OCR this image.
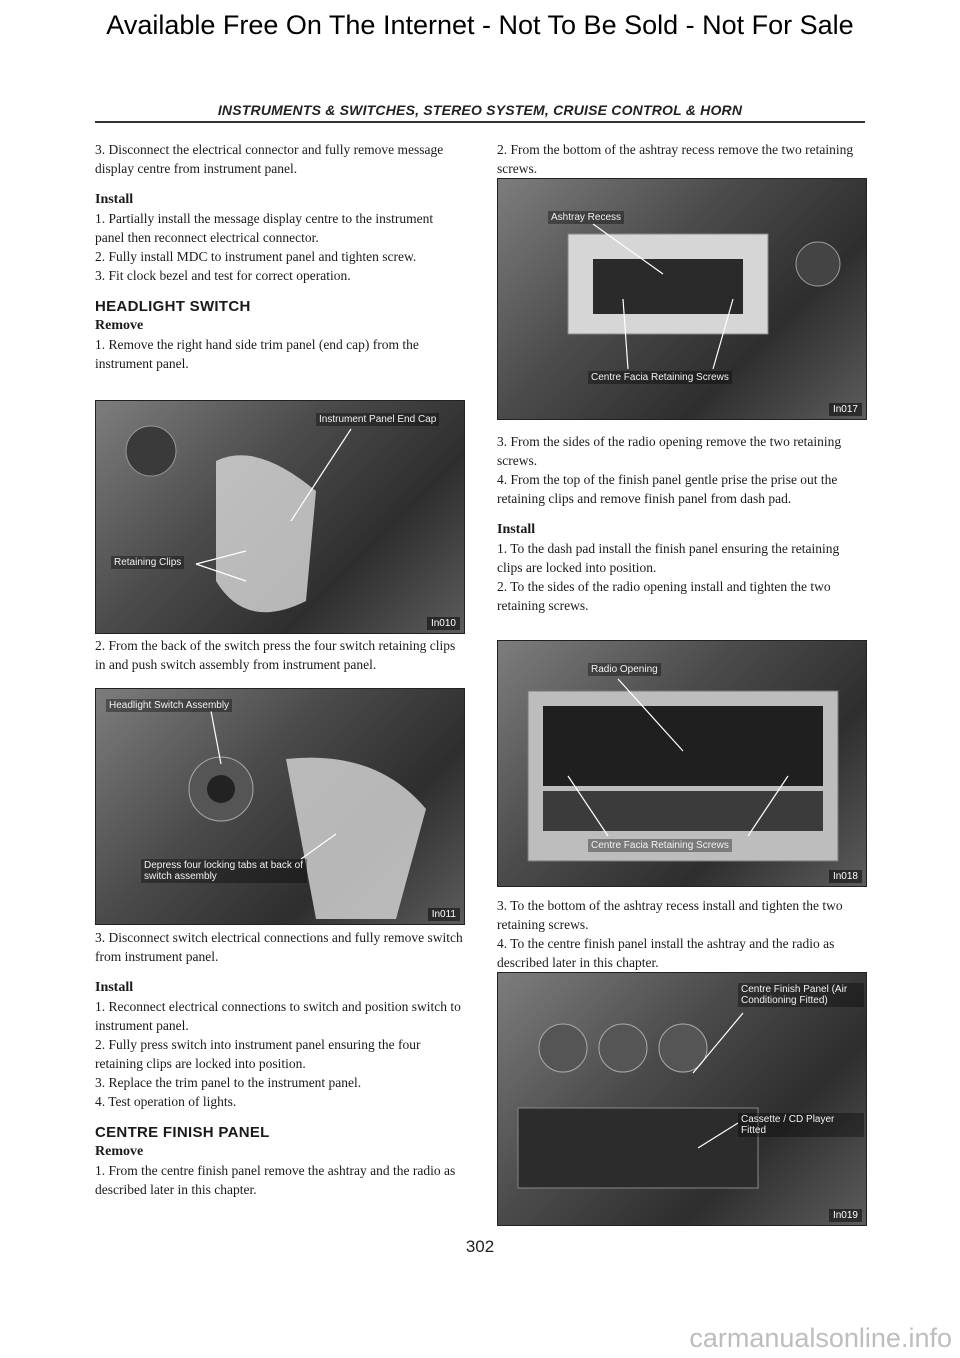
Available Free On The Internet - Not To Be Sold - Not For Sale
INSTRUMENTS & SWITCHES, STEREO SYSTEM, CRUISE CONTROL & HORN

3. Disconnect the electrical connector and fully remove message display centre from instrument panel.

Install

1. Partially install the message display centre to the instrument panel then reconnect electrical connector.

2. Fully install MDC to instrument panel and tighten screw.

3. Fit clock bezel and test for correct operation.

HEADLIGHT SWITCH
Remove

1. Remove the right hand side trim panel (end cap) from the instrument panel.

Instrument Panel End Cap
Retaining Clips
In010

2. From the back of the switch press the four switch retaining clips in and push switch assembly from instrument panel.

Headlight Switch Assembly
Depress four locking tabs at back of switch assembly
In011

3. Disconnect switch electrical connections and fully remove switch from instrument panel.

Install

1. Reconnect electrical connections to switch and position switch to instrument panel.

2. Fully press switch into instrument panel ensuring the four retaining clips are locked into position.

3. Replace the trim panel to the instrument panel.

4. Test operation of lights.

CENTRE FINISH PANEL
Remove

1. From the centre finish panel remove the ashtray and the radio as described later in this chapter.

2. From the bottom of the ashtray recess remove the two retaining screws.

Ashtray Recess
Centre Facia Retaining Screws
In017

3. From the sides of the radio opening remove the two retaining screws.

4. From the top of the finish panel gentle prise the prise out the retaining clips and remove finish panel from dash pad.

Install

1. To the dash pad install the finish panel ensuring the retaining clips are locked into position.

2. To the sides of the radio opening install and tighten the two retaining screws.

Radio Opening
Centre Facia Retaining Screws
In018

3. To the bottom of the ashtray recess install and tighten the two retaining screws.

4. To the centre finish panel install the ashtray and the radio as described later in this chapter.

Centre Finish Panel (Air Conditioning Fitted)
Cassette / CD Player Fitted
In019
302
carmanualsonline.info
